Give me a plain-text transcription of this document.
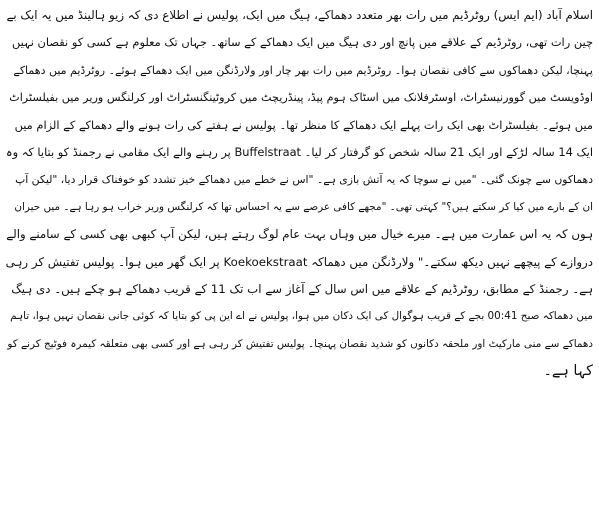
اسلام آباد (ایم ایس) روٹرڈیم میں رات بھر متعدد دھماکے، ہیگ میں ایک، پولیس نے اطلاع دی کہ زیو ہالینڈ میں یہ ایک بے
چین رات تھی، روٹرڈیم کے علاقے میں پانچ اور دی ہیگ میں ایک دھماکے کے ساتھ۔ جہاں تک معلوم ہے کسی کو نقصان نہیں
پہنچا، لیکن دھماکوں سے کافی نقصان ہوا۔ روٹرڈیم میں رات بھر چار اور ولارڈنگن میں ایک دھماکے ہوئے۔ روٹرڈیم میں دھماکے
اوڈویسٹ میں گوورنیسٹراٹ، اوسٹرفلانک میں اسٹاک ہوم پیڈ، پینڈریچٹ میں کروٹینگنسٹراٹ اور کرلنگس وریر میں بفیلسٹراٹ
میں ہوئے۔ بفیلسٹراٹ بھی ایک رات پہلے ایک دھماکے کا منظر تھا۔ پولیس نے ہفتے کی رات ہونے والے دھماکے کے الزام میں
ایک 14 سالہ لڑکے اور ایک 21 سالہ شخص کو گرفتار کر لیا۔ Buffelstraat پر رہنے والے ایک مقامی نے رجمنڈ کو بتایا کہ وہ
دھماکوں سے چونک گئی۔ "میں نے سوچا کہ یہ آتش بازی ہے۔ "اس نے خطے میں دھماکے خیز تشدد کو خوفناک قرار دیا، "لیکن آپ
ان کے بارے میں کیا کر سکتے ہیں؟" کہتی تھی۔ "مجھے کافی عرصے سے یہ احساس تھا کہ کرلنگس وریر خراب ہو رہا ہے۔ میں حیران
ہوں کہ یہ اس عمارت میں ہے۔ میرے خیال میں وہاں بہت عام لوگ رہتے ہیں، لیکن آپ کبھی بھی کسی کے سامنے والے
دروازے کے پیچھے نہیں دیکھ سکتے۔" ولارڈنگن میں دھماکہ Koekoekstraat پر ایک گھر میں ہوا۔ پولیس تفتیش کر رہی
ہے۔ رجمنڈ کے مطابق، روٹرڈیم کے علاقے میں اس سال کے آغاز سے اب تک 11 کے قریب دھماکے ہو چکے ہیں۔ دی ہیگ
میں دھماکہ صبح 00:41 بجے کے قریب ہوگوال کی ایک دکان میں ہوا، پولیس نے اے این پی کو بتایا کہ کوئی جانی نقصان نہیں ہوا، تاہم
دھماکے سے منی مارکیٹ اور ملحقہ دکانوں کو شدید نقصان پہنچا۔ پولیس تفتیش کر رہی ہے اور کسی بھی متعلقہ کیمرہ فوٹیج کرنے کو
کہا ہے۔
